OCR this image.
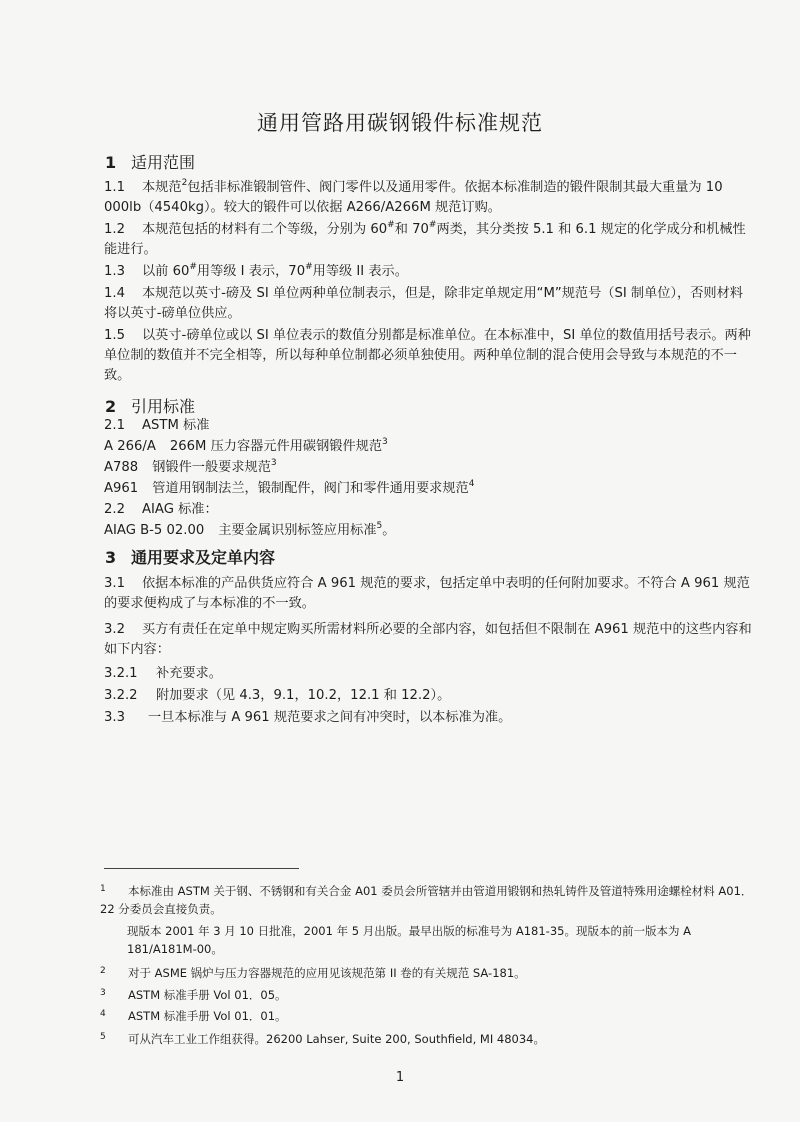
通用管路用碳钢锻件标准规范
1 适用范围

1.1 本规范$^2$包括非标准锻制管件、阀门零件以及通用零件。依据本标准制造的锻件限制其最大重量为 10 000lb（4540kg）。较大的锻件可以依据 A266/A266M 规范订购。

1.2 本规范包括的材料有二个等级，分别为 60#和 70#两类，其分类按 5.1 和 6.1 规定的化学成分和机械性能进行。

1.3 以前 60#用等级 I 表示，70#用等级 II 表示。

1.4 本规范以英寸-磅及 SI 单位两种单位制表示，但是，除非定单规定用“M”规范号（SI 制单位），否则材料将以英寸-磅单位供应。

1.5 以英寸-磅单位或以 SI 单位表示的数值分别都是标准单位。在本标准中，SI 单位的数值用括号表示。两种单位制的数值并不完全相等，所以每种单位制都必须单独使用。两种单位制的混合使用会导致与本规范的不一致。

2 引用标准

2.1 ASTM 标准

A 266/A 266M 压力容器元件用碳钢锻件规范$^3$

A788 钢锻件一般要求规范$^3$

A961 管道用钢制法兰，锻制配件，阀门和零件通用要求规范$^4$

2.2 AIAG 标准：

AIAG B-5 02.00 主要金属识别标签应用标准$^5$。

3 通用要求及定单内容

3.1 依据本标准的产品供货应符合 A 961 规范的要求，包括定单中表明的任何附加要求。不符合 A 961 规范的要求便构成了与本标准的不一致。

3.2 买方有责任在定单中规定购买所需材料所必要的全部内容，如包括但不限制在 A961 规范中的这些内容和如下内容：

3.2.1 补充要求。

3.2.2 附加要求（见 4.3，9.1，10.2，12.1 和 12.2）。

3.3 一旦本标准与 A 961 规范要求之间有冲突时，以本标准为准。

1 本标准由 ASTM 关于钢、不锈钢和有关合金 A01 委员会所管辖并由管道用锻钢和热轧铸件及管道特殊用途螺栓材料 A01．22 分委员会直接负责。

现版本 2001 年 3 月 10 日批准，2001 年 5 月出版。最早出版的标准号为 A181-35。现版本的前一版本为 A 181/A181M-00。

2 对于 ASME 锅炉与压力容器规范的应用见该规范第 II 卷的有关规范 SA-181。

3 ASTM 标准手册 Vol 01．05。

4 ASTM 标准手册 Vol 01．01。

5 可从汽车工业工作组获得。26200 Lahser, Suite 200, Southfield, MI 48034。

1
